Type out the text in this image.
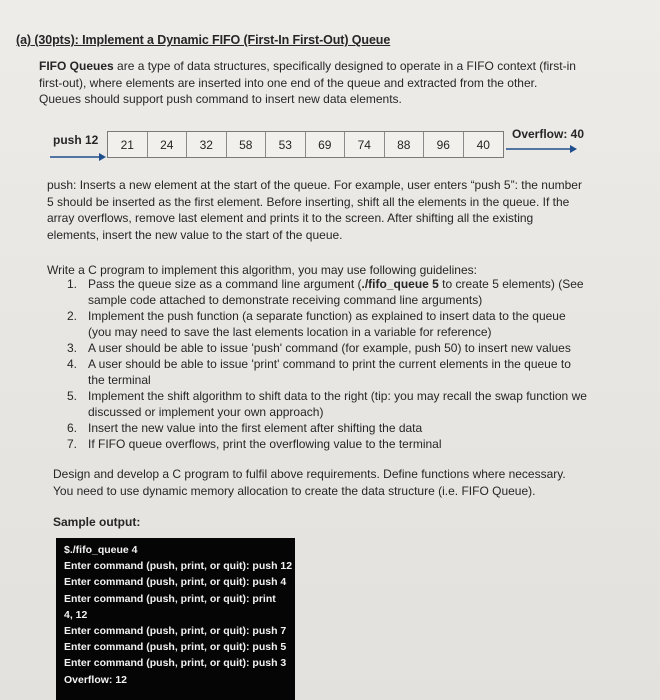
(a) (30pts): Implement a Dynamic FIFO (First-In First-Out) Queue
FIFO Queues are a type of data structures, specifically designed to operate in a FIFO context (first-in first-out), where elements are inserted into one end of the queue and extracted from the other. Queues should support push command to insert new data elements.
push 12	21	24	32	58	53	69	74	88	96	40
Overflow: 40
push: Inserts a new element at the start of the queue. For example, user enters “push 5”: the number 5 should be inserted as the first element. Before inserting, shift all the elements in the queue. If the array overflows, remove last element and prints it to the screen. After shifting all the existing elements, insert the new value to the start of the queue.
Write a C program to implement this algorithm, you may use following guidelines:
1. Pass the queue size as a command line argument (./fifo_queue 5 to create 5 elements) (See sample code attached to demonstrate receiving command line arguments)
2. Implement the push function (a separate function) as explained to insert data to the queue (you may need to save the last elements location in a variable for reference)
3. A user should be able to issue 'push' command (for example, push 50) to insert new values
4. A user should be able to issue 'print' command to print the current elements in the queue to the terminal
5. Implement the shift algorithm to shift data to the right (tip: you may recall the swap function we discussed or implement your own approach)
6. Insert the new value into the first element after shifting the data
7. If FIFO queue overflows, print the overflowing value to the terminal
Design and develop a C program to fulfil above requirements. Define functions where necessary. You need to use dynamic memory allocation to create the data structure (i.e. FIFO Queue).
Sample output:
$./fifo_queue 4
Enter command (push, print, or quit): push 12
Enter command (push, print, or quit): push 4
Enter command (push, print, or quit): print
4, 12
Enter command (push, print, or quit): push 7
Enter command (push, print, or quit): push 5
Enter command (push, print, or quit): push 3
Overflow: 12
